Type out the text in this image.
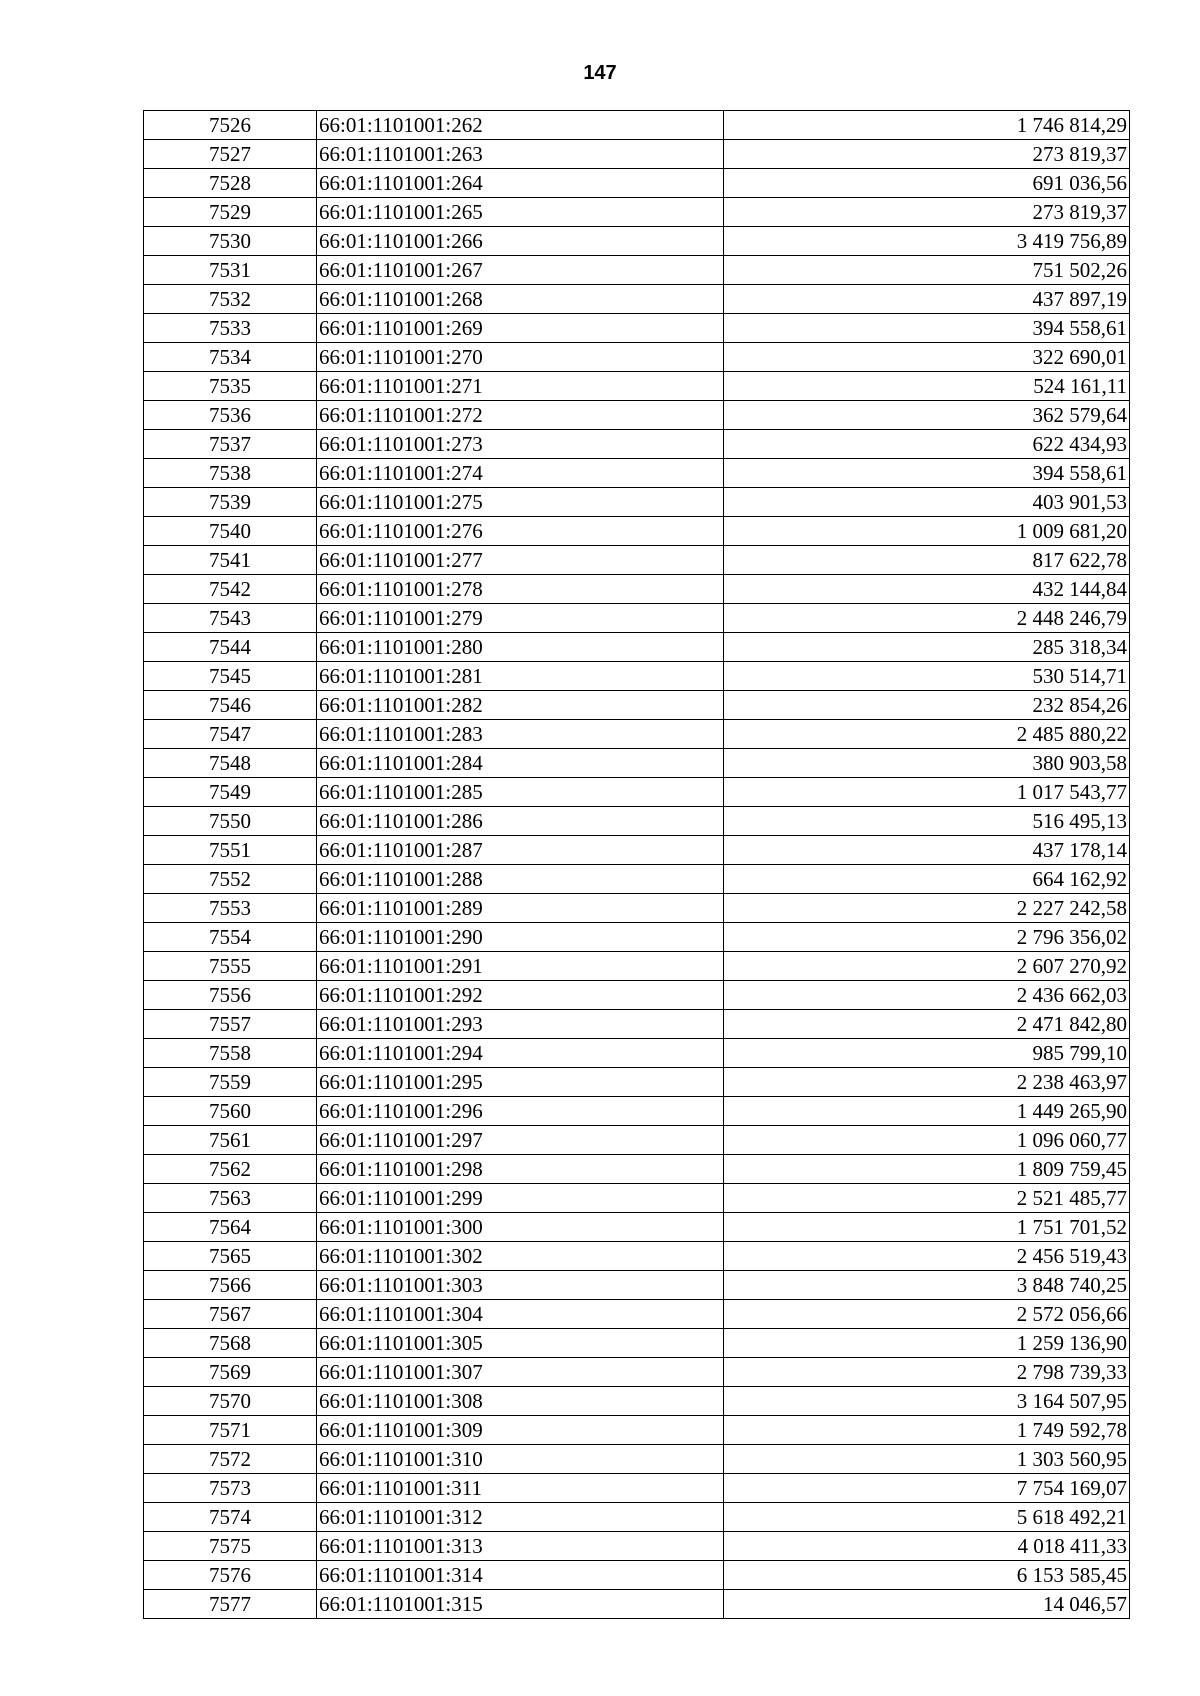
147
7526	66:01:1101001:262	1 746 814,29
7527	66:01:1101001:263	273 819,37
7528	66:01:1101001:264	691 036,56
7529	66:01:1101001:265	273 819,37
7530	66:01:1101001:266	3 419 756,89
7531	66:01:1101001:267	751 502,26
7532	66:01:1101001:268	437 897,19
7533	66:01:1101001:269	394 558,61
7534	66:01:1101001:270	322 690,01
7535	66:01:1101001:271	524 161,11
7536	66:01:1101001:272	362 579,64
7537	66:01:1101001:273	622 434,93
7538	66:01:1101001:274	394 558,61
7539	66:01:1101001:275	403 901,53
7540	66:01:1101001:276	1 009 681,20
7541	66:01:1101001:277	817 622,78
7542	66:01:1101001:278	432 144,84
7543	66:01:1101001:279	2 448 246,79
7544	66:01:1101001:280	285 318,34
7545	66:01:1101001:281	530 514,71
7546	66:01:1101001:282	232 854,26
7547	66:01:1101001:283	2 485 880,22
7548	66:01:1101001:284	380 903,58
7549	66:01:1101001:285	1 017 543,77
7550	66:01:1101001:286	516 495,13
7551	66:01:1101001:287	437 178,14
7552	66:01:1101001:288	664 162,92
7553	66:01:1101001:289	2 227 242,58
7554	66:01:1101001:290	2 796 356,02
7555	66:01:1101001:291	2 607 270,92
7556	66:01:1101001:292	2 436 662,03
7557	66:01:1101001:293	2 471 842,80
7558	66:01:1101001:294	985 799,10
7559	66:01:1101001:295	2 238 463,97
7560	66:01:1101001:296	1 449 265,90
7561	66:01:1101001:297	1 096 060,77
7562	66:01:1101001:298	1 809 759,45
7563	66:01:1101001:299	2 521 485,77
7564	66:01:1101001:300	1 751 701,52
7565	66:01:1101001:302	2 456 519,43
7566	66:01:1101001:303	3 848 740,25
7567	66:01:1101001:304	2 572 056,66
7568	66:01:1101001:305	1 259 136,90
7569	66:01:1101001:307	2 798 739,33
7570	66:01:1101001:308	3 164 507,95
7571	66:01:1101001:309	1 749 592,78
7572	66:01:1101001:310	1 303 560,95
7573	66:01:1101001:311	7 754 169,07
7574	66:01:1101001:312	5 618 492,21
7575	66:01:1101001:313	4 018 411,33
7576	66:01:1101001:314	6 153 585,45
7577	66:01:1101001:315	14 046,57
